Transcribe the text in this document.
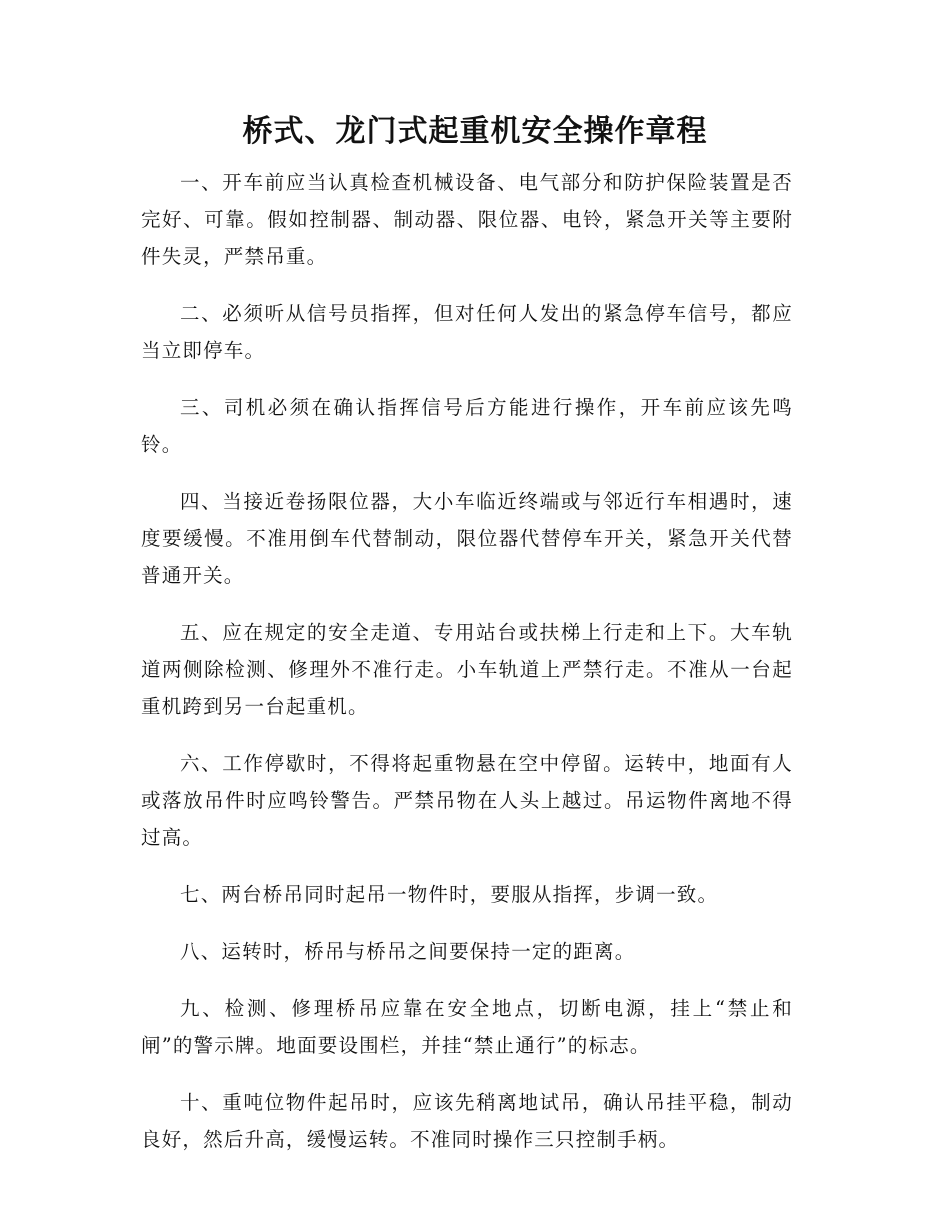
桥式、龙门式起重机安全操作章程

一、开车前应当认真检查机械设备、电气部分和防护保险装置是否完好、可靠。假如控制器、制动器、限位器、电铃，紧急开关等主要附件失灵，严禁吊重。

二、必须听从信号员指挥，但对任何人发出的紧急停车信号，都应当立即停车。

三、司机必须在确认指挥信号后方能进行操作，开车前应该先鸣铃。

四、当接近卷扬限位器，大小车临近终端或与邻近行车相遇时，速度要缓慢。不准用倒车代替制动，限位器代替停车开关，紧急开关代替普通开关。

五、应在规定的安全走道、专用站台或扶梯上行走和上下。大车轨道两侧除检测、修理外不准行走。小车轨道上严禁行走。不准从一台起重机跨到另一台起重机。

六、工作停歇时，不得将起重物悬在空中停留。运转中，地面有人或落放吊件时应鸣铃警告。严禁吊物在人头上越过。吊运物件离地不得过高。

七、两台桥吊同时起吊一物件时，要服从指挥，步调一致。

八、运转时，桥吊与桥吊之间要保持一定的距离。

九、检测、修理桥吊应靠在安全地点，切断电源，挂上“禁止和闸”的警示牌。地面要设围栏，并挂“禁止通行”的标志。

十、重吨位物件起吊时，应该先稍离地试吊，确认吊挂平稳，制动良好，然后升高，缓慢运转。不准同时操作三只控制手柄。
